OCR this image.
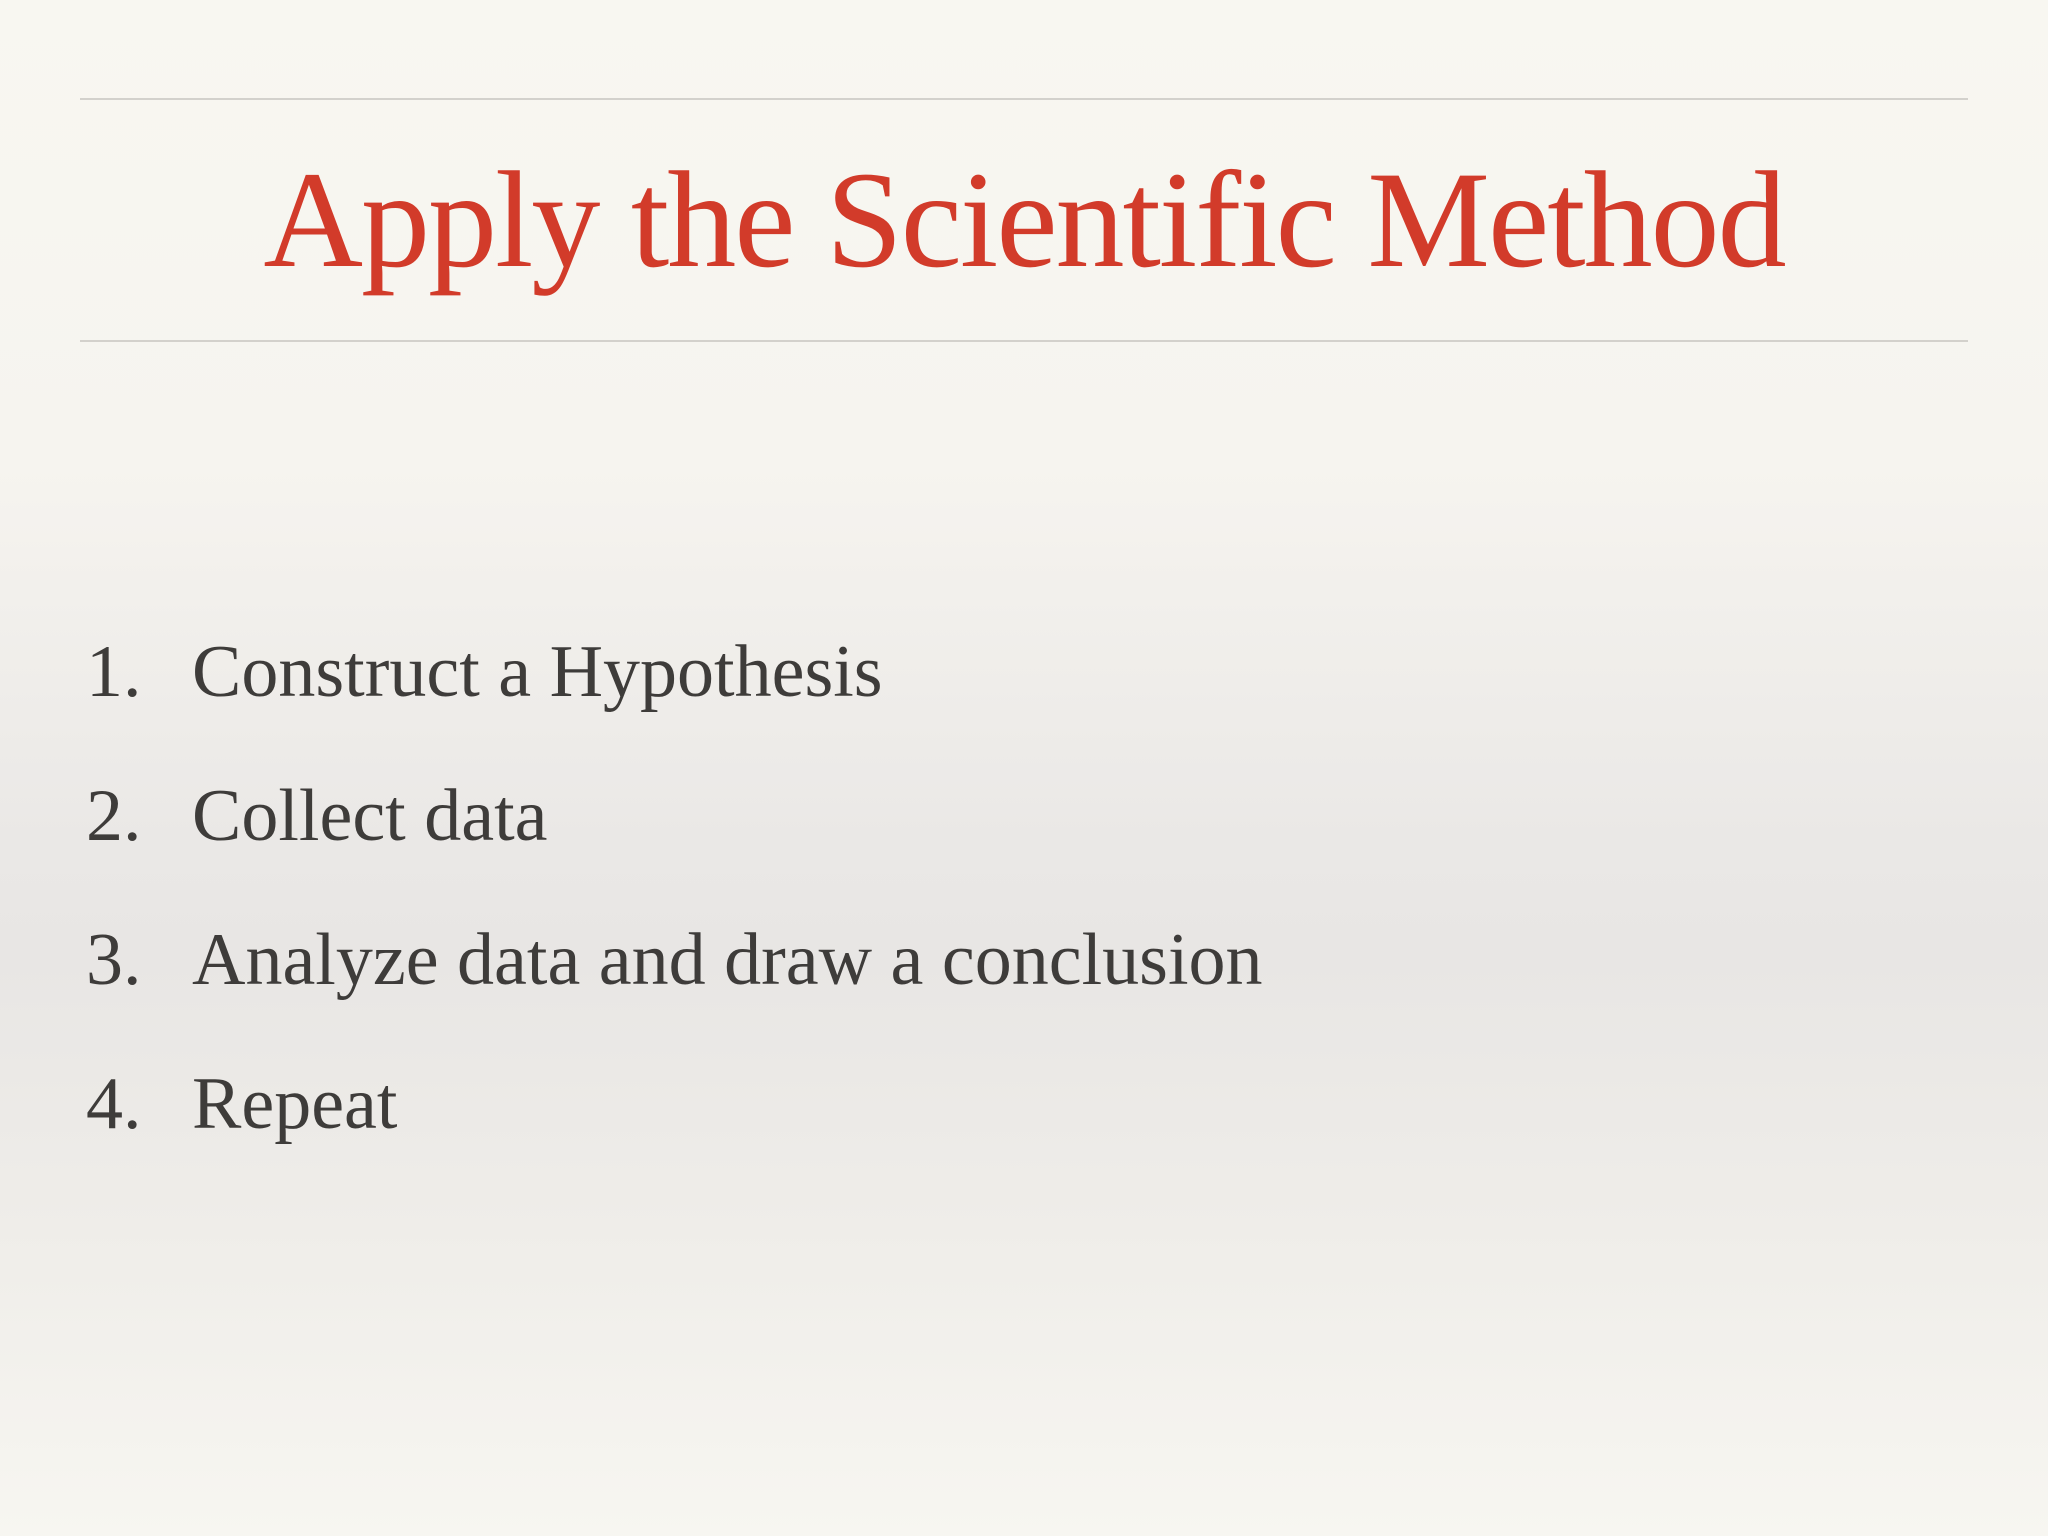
Apply the Scientific Method
1. Construct a Hypothesis
2. Collect data
3. Analyze data and draw a conclusion
4. Repeat
